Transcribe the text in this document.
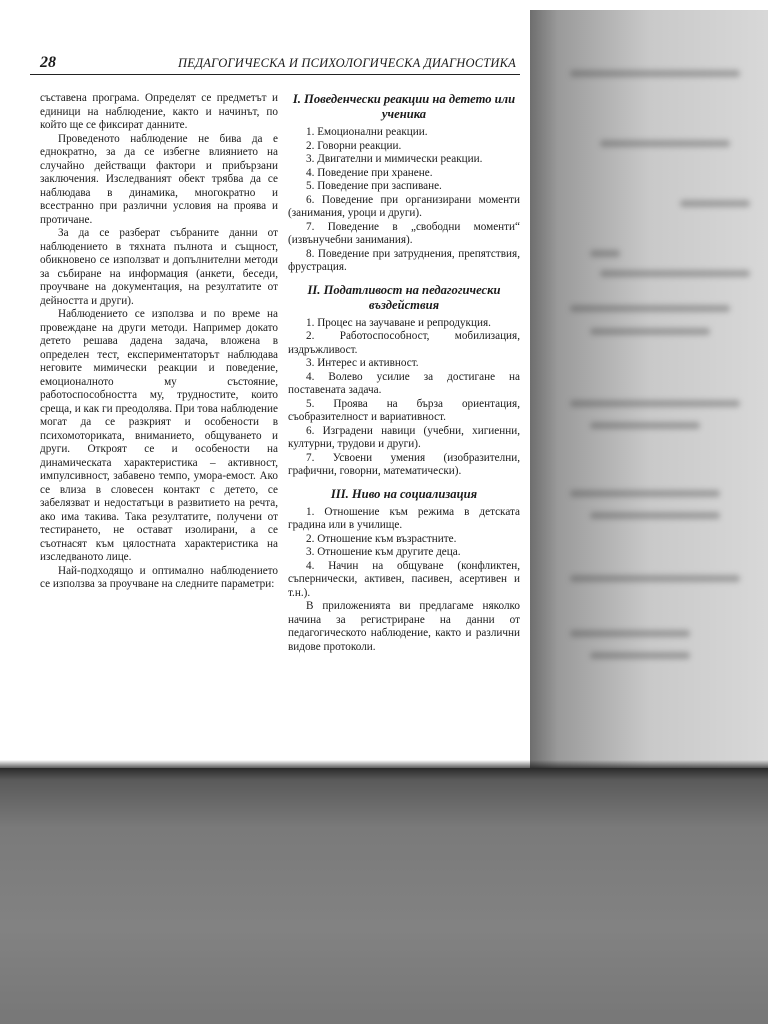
28	ПЕДАГОГИЧЕСКА И ПСИХОЛОГИЧЕСКА ДИАГНОСТИКА

съставена програма. Определят се предметът и единици на наблюдение, както и начинът, по който ще се фиксират данните.

Проведеното наблюдение не бива да е еднократно, за да се избегне влиянието на случайно действащи фактори и прибързани заключения. Изследваният обект трябва да се наблюдава в динамика, многократно и всестранно при различни условия на проява и протичане.

За да се разберат събраните данни от наблюдението в тяхната пълнота и същност, обикновено се използват и допълнителни методи за събиране на информация (анкети, беседи, проучване на документация, на резултатите от дейността и други).

Наблюдението се използва и по време на провеждане на други методи. Например докато детето решава дадена задача, вложена в определен тест, експериментаторът наблюдава неговите мимически реакции и поведение, емоционалното му състояние, работоспособността му, трудностите, които среща, и как ги преодолява. При това наблюдение могат да се разкрият и особености в психомоториката, вниманието, общуването и други. Откроят се и особености на динамическата характеристика – активност, импулсивност, забавено темпо, умора-емост. Ако се влиза в словесен контакт с детето, се забелязват и недостатъци в развитието на речта, ако има такива. Така резултатите, получени от тестирането, не остават изолирани, а се съотнасят към цялостната характеристика на изследваното лице.

Най-подходящо и оптимално наблюдението се използва за проучване на следните параметри:

I. Поведенчески реакции на детето или ученика

1. Емоционални реакции.

2. Говорни реакции.

3. Двигателни и мимически реакции.

4. Поведение при хранене.

5. Поведение при заспиване.

6. Поведение при организирани моменти (занимания, уроци и други).

7. Поведение в „свободни моменти“ (извънучебни занимания).

8. Поведение при затруднения, препятствия, фрустрация.

II. Податливост на педагогически въздействия

1. Процес на заучаване и репродукция.

2. Работоспособност, мобилизация, издръжливост.

3. Интерес и активност.

4. Волево усилие за достигане на поставената задача.

5. Проява на бърза ориентация, съобразителност и вариативност.

6. Изградени навици (учебни, хигиенни, културни, трудови и други).

7. Усвоени умения (изобразителни, графични, говорни, математически).

III. Ниво на социализация

1. Отношение към режима в детската градина или в училище.

2. Отношение към възрастните.

3. Отношение към другите деца.

4. Начин на общуване (конфликтен, съпернически, активен, пасивен, асертивен и т.н.).

В приложенията ви предлагаме няколко начина за регистриране на данни от педагогическото наблюдение, както и различни видове протоколи.
